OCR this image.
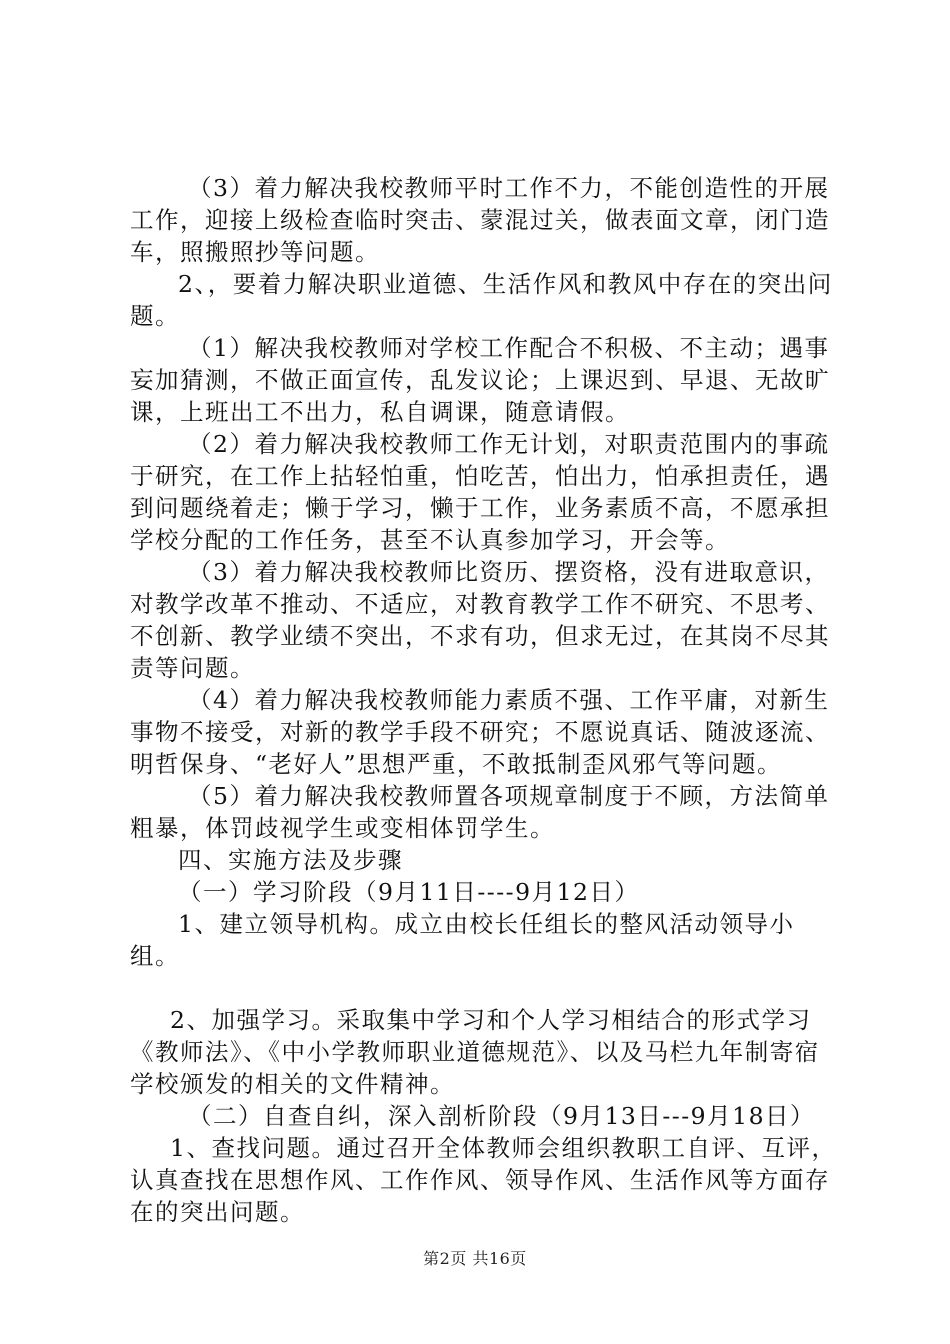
（3）着力解决我校教师平时工作不力，不能创造性的开展工作，迎接上级检查临时突击、蒙混过关，做表面文章，闭门造车，照搬照抄等问题。

2、，要着力解决职业道德、生活作风和教风中存在的突出问题。

（1）解决我校教师对学校工作配合不积极、不主动；遇事妄加猜测，不做正面宣传，乱发议论；上课迟到、早退、无故旷课，上班出工不出力，私自调课，随意请假。

（2）着力解决我校教师工作无计划，对职责范围内的事疏于研究，在工作上拈轻怕重，怕吃苦，怕出力，怕承担责任，遇到问题绕着走；懒于学习，懒于工作，业务素质不高，不愿承担学校分配的工作任务，甚至不认真参加学习，开会等。

（3）着力解决我校教师比资历、摆资格，没有进取意识，对教学改革不推动、不适应，对教育教学工作不研究、不思考、不创新、教学业绩不突出，不求有功，但求无过，在其岗不尽其责等问题。

（4）着力解决我校教师能力素质不强、工作平庸，对新生事物不接受，对新的教学手段不研究；不愿说真话、随波逐流、明哲保身、“老好人”思想严重，不敢抵制歪风邪气等问题。

（5）着力解决我校教师置各项规章制度于不顾，方法简单粗暴，体罚歧视学生或变相体罚学生。

四、实施方法及步骤

（一）学习阶段（9月11日----9月12日）

1、建立领导机构。成立由校长任组长的整风活动领导小组。

2、加强学习。采取集中学习和个人学习相结合的形式学习《教师法》、《中小学教师职业道德规范》、以及马栏九年制寄宿学校颁发的相关的文件精神。

（二）自查自纠，深入剖析阶段（9月13日---9月18日）

1、查找问题。通过召开全体教师会组织教职工自评、互评，认真查找在思想作风、工作作风、领导作风、生活作风等方面存在的突出问题。

第2页 共16页
